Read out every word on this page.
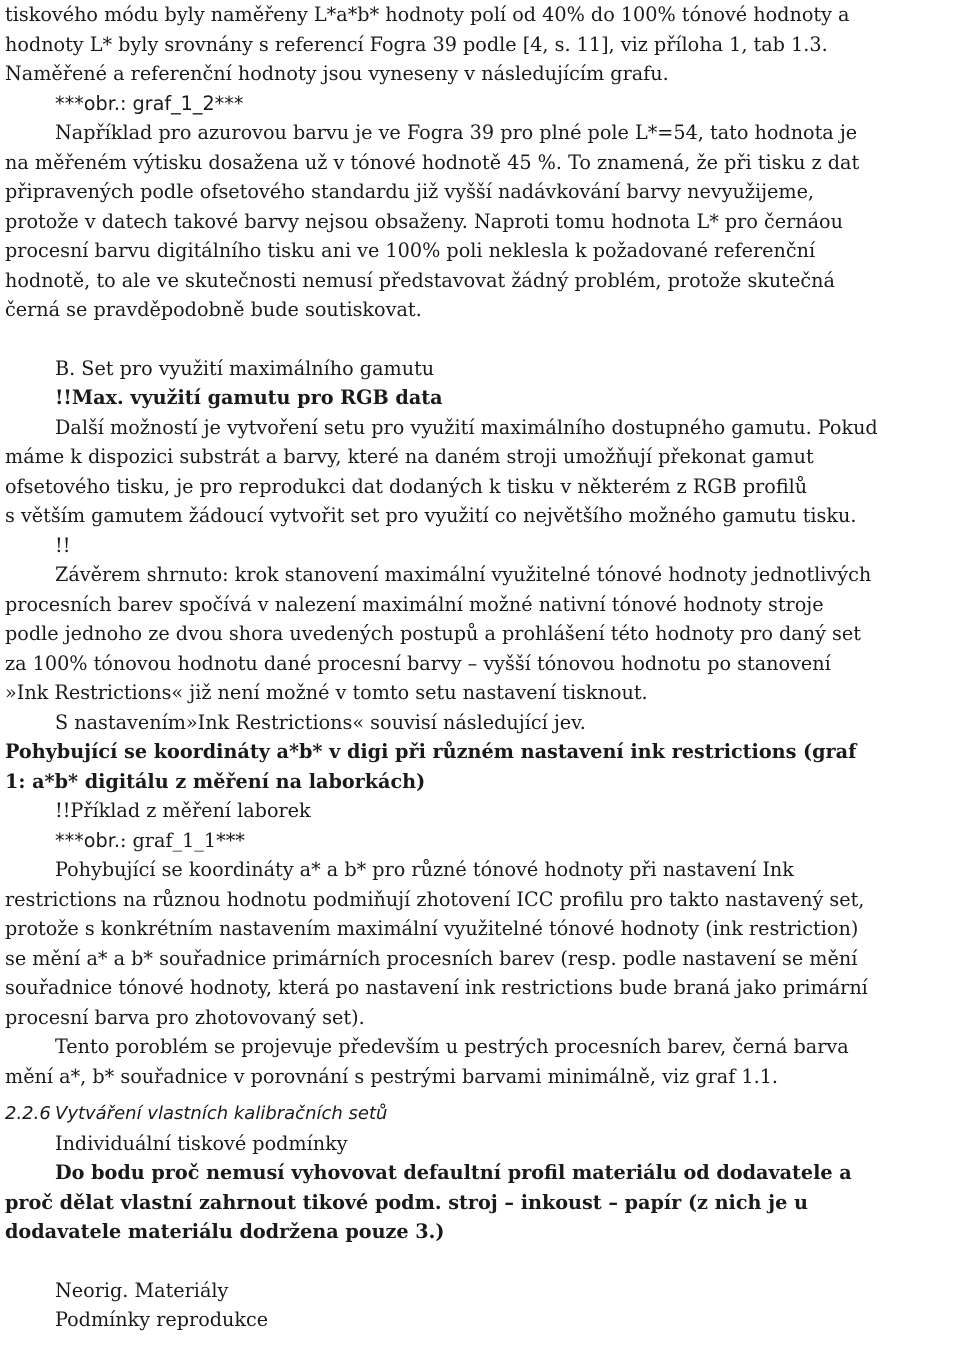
tiskového módu byly naměřeny L*a*b* hodnoty polí od 40% do 100% tónové hodnoty a
hodnoty L* byly srovnány s referencí Fogra 39 podle [4, s. 11], viz příloha 1, tab 1.3.
Naměřené a referenční hodnoty jsou vyneseny v následujícím grafu.
***obr.: graf_1_2***
Například pro azurovou barvu je ve Fogra 39 pro plné pole L*=54, tato hodnota je
na měřeném výtisku dosažena už v tónové hodnotě 45 %. To znamená, že při tisku z dat
připravených podle ofsetového standardu již vyšší nadávkování barvy nevyužijeme,
protože v datech takové barvy nejsou obsaženy. Naproti tomu hodnota L* pro černáou
procesní barvu digitálního tisku ani ve 100% poli neklesla k požadované referenční
hodnotě, to ale ve skutečnosti nemusí představovat žádný problém, protože skutečná
černá se pravděpodobně bude soutiskovat.
B. Set pro využití maximálního gamutu
!!Max. využití gamutu pro RGB data
Další možností je vytvoření setu pro využití maximálního dostupného gamutu. Pokud
máme k dispozici substrát a barvy, které na daném stroji umožňují překonat gamut
ofsetového tisku, je pro reprodukci dat dodaných k tisku v některém z RGB profilů
s větším gamutem žádoucí vytvořit set pro využití co největšího možného gamutu tisku.
!!
Závěrem shrnuto: krok stanovení maximální využitelné tónové hodnoty jednotlivých
procesních barev spočívá v nalezení maximální možné nativní tónové hodnoty stroje
podle jednoho ze dvou shora uvedených postupů a prohlášení této hodnoty pro daný set
za 100% tónovou hodnotu dané procesní barvy – vyšší tónovou hodnotu po stanovení
»Ink Restrictions« již není možné v tomto setu nastavení tisknout.
S nastavením»Ink Restrictions« souvisí následující jev.
Pohybující se koordináty a*b* v digi při různém nastavení ink restrictions (graf
1: a*b* digitálu z měření na laborkách)
!!Příklad z měření laborek
***obr.: graf_1_1***
Pohybující se koordináty a* a b* pro různé tónové hodnoty při nastavení Ink
restrictions na různou hodnotu podmiňují zhotovení ICC profilu pro takto nastavený set,
protože s konkrétním nastavením maximální využitelné tónové hodnoty (ink restriction)
se mění a* a b* souřadnice primárních procesních barev (resp. podle nastavení se mění
souřadnice tónové hodnoty, která po nastavení ink restrictions bude braná jako primární
procesní barva pro zhotovovaný set).
Tento poroblém se projevuje především u pestrých procesních barev, černá barva
mění a*, b* souřadnice v porovnání s pestrými barvami minimálně, viz graf 1.1.
2.2.6 Vytváření vlastních kalibračních setů
Individuální tiskové podmínky
Do bodu proč nemusí vyhovovat defaultní profil materiálu od dodavatele a
proč dělat vlastní zahrnout tikové podm. stroj – inkoust – papír (z nich je u
dodavatele materiálu dodržena pouze 3.)
Neorig. Materiály
Podmínky reprodukce
